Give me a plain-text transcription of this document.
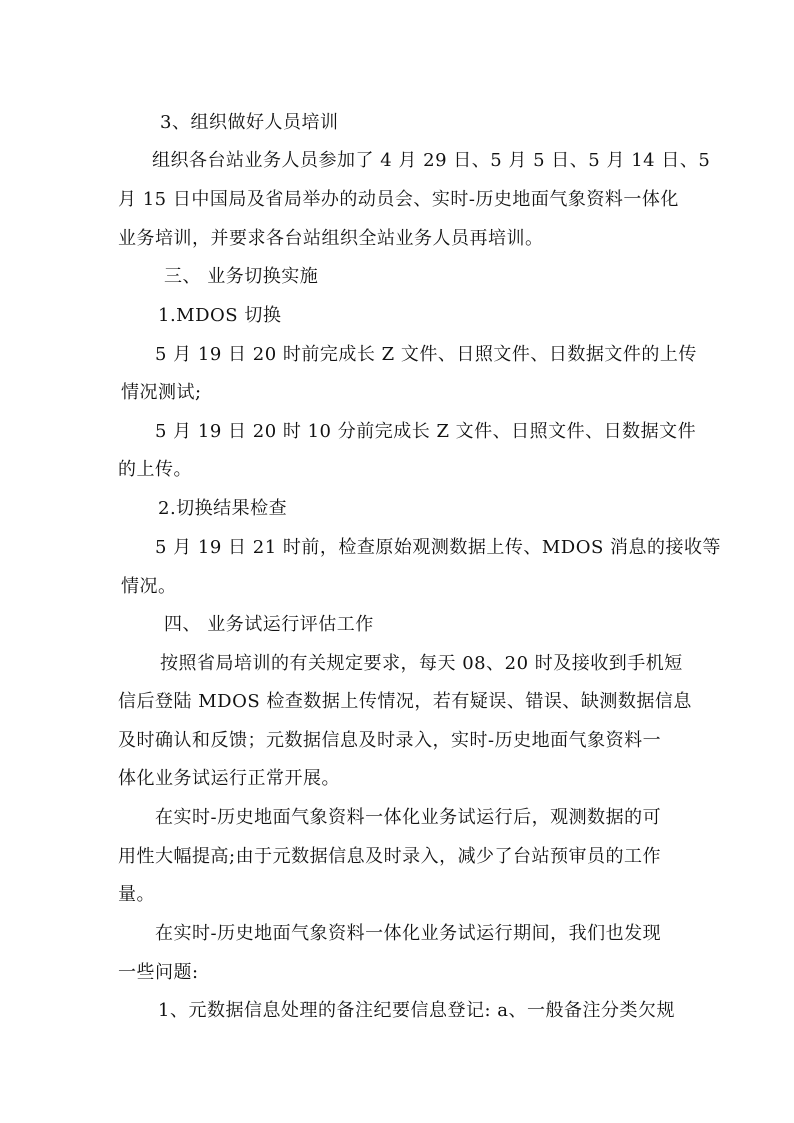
3、组织做好人员培训
组织各台站业务人员参加了 4 月 29 日、5 月 5 日、5 月 14 日、5
月 15 日中国局及省局举办的动员会、实时-历史地面气象资料一体化
业务培训，并要求各台站组织全站业务人员再培训。
三、 业务切换实施
1.MDOS 切换
5 月 19 日 20 时前完成长 Z 文件、日照文件、日数据文件的上传
情况测试;
5 月 19 日 20 时 10 分前完成长 Z 文件、日照文件、日数据文件
的上传。
2.切换结果检查
5 月 19 日 21 时前，检查原始观测数据上传、MDOS 消息的接收等
情况。
四、 业务试运行评估工作
按照省局培训的有关规定要求，每天 08、20 时及接收到手机短
信后登陆 MDOS 检查数据上传情况，若有疑误、错误、缺测数据信息
及时确认和反馈；元数据信息及时录入，实时-历史地面气象资料一
体化业务试运行正常开展。
在实时-历史地面气象资料一体化业务试运行后，观测数据的可
用性大幅提高;由于元数据信息及时录入，减少了台站预审员的工作
量。
在实时-历史地面气象资料一体化业务试运行期间，我们也发现
一些问题:
1、元数据信息处理的备注纪要信息登记: a、一般备注分类欠规
